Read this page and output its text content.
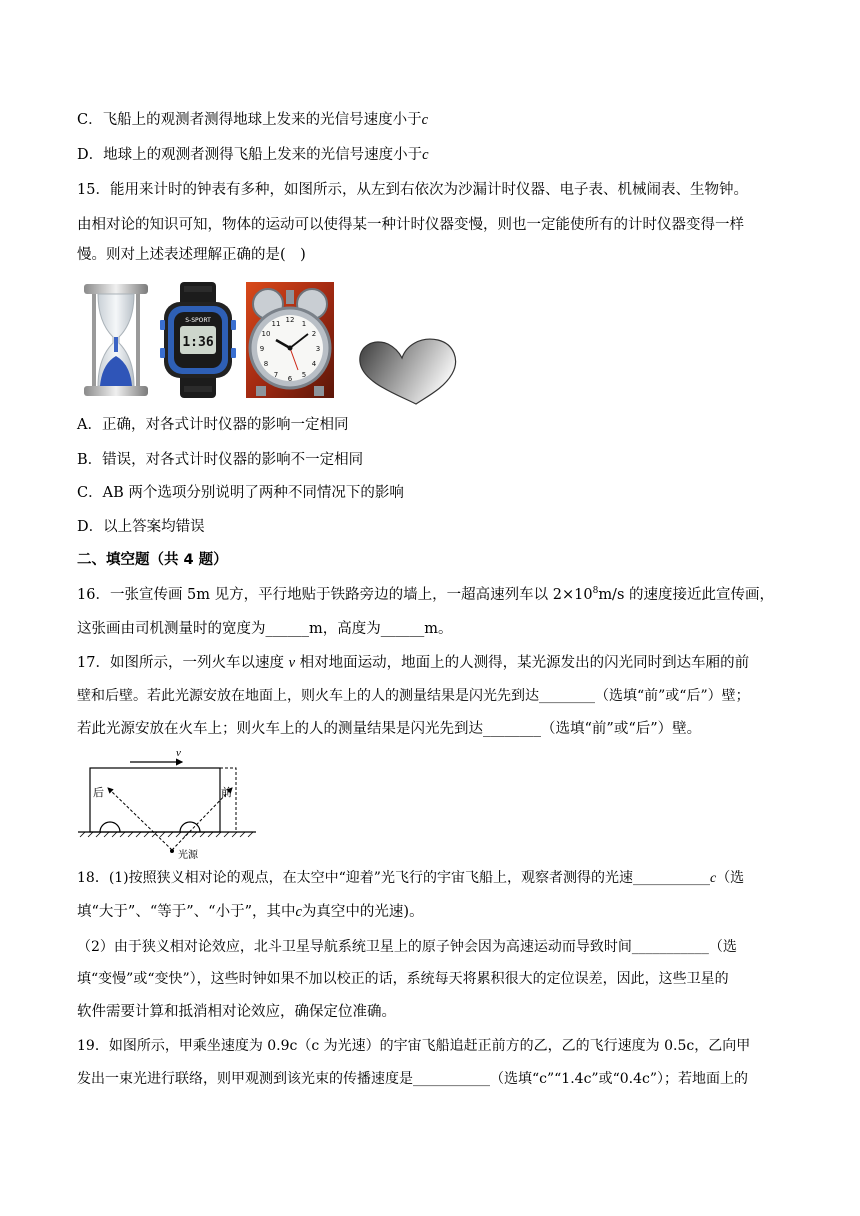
C．飞船上的观测者测得地球上发来的光信号速度小于c
D．地球上的观测者测得飞船上发来的光信号速度小于c
15．能用来计时的钟表有多种，如图所示，从左到右依次为沙漏计时仪器、电子表、机械闹表、生物钟。
由相对论的知识可知，物体的运动可以使得某一种计时仪器变慢，则也一定能使所有的计时仪器变得一样
慢。则对上述表述理解正确的是(　)
S-SPORT
1:36
12 1
2
3
4
5
6
7
8
9
10
11
A．正确，对各式计时仪器的影响一定相同
B．错误，对各式计时仪器的影响不一定相同
C．AB 两个选项分别说明了两种不同情况下的影响
D．以上答案均错误
二、填空题（共 4 题）
16．一张宣传画 5m 见方，平行地贴于铁路旁边的墙上，一超高速列车以 $2\times 10^8m/s$ 的速度接近此宣传画，
这张画由司机测量时的宽度为______m，高度为______m。
17．如图所示，一列火车以速度 v 相对地面运动，地面上的人测得，某光源发出的闪光同时到达车厢的前
壁和后壁。若此光源安放在地面上，则火车上的人的测量结果是闪光先到达________（选填“前”或“后”）壁；
若此光源安放在火车上；则火车上的人的测量结果是闪光先到达________（选填“前”或“后”）壁。
v
后	前
光源
18．(1)按照狭义相对论的观点，在太空中“迎着”光飞行的宇宙飞船上，观察者测得的光速___________c（选
填“大于”、“等于”、“小于”，其中c为真空中的光速)。
（2）由于狭义相对论效应，北斗卫星导航系统卫星上的原子钟会因为高速运动而导致时间___________（选
填“变慢”或“变快”），这些时钟如果不加以校正的话，系统每天将累积很大的定位误差，因此，这些卫星的
软件需要计算和抵消相对论效应，确保定位准确。
19．如图所示，甲乘坐速度为 0.9c（c 为光速）的宇宙飞船追赶正前方的乙，乙的飞行速度为 0.5c，乙向甲
发出一束光进行联络，则甲观测到该光束的传播速度是___________（选填“c”“1.4c”或“0.4c”）；若地面上的
